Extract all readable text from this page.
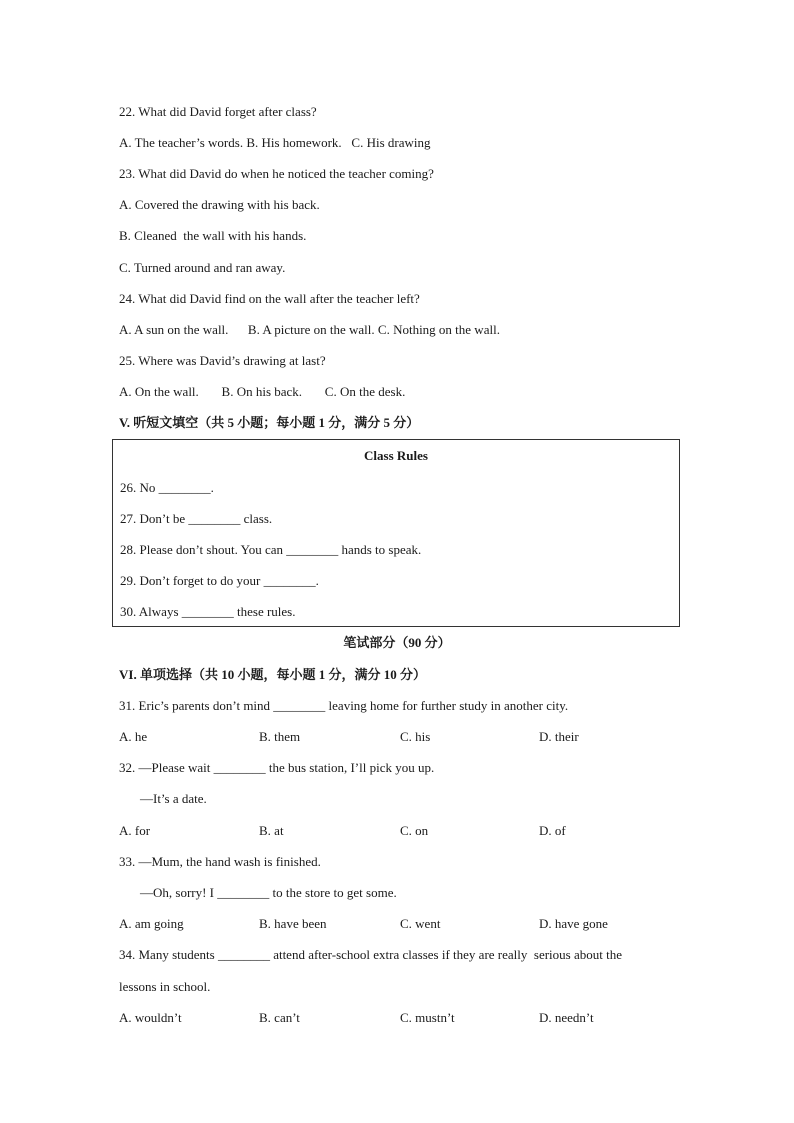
22. What did David forget after class?
A. The teacher’s words. B. His homework.   C. His drawing
23. What did David do when he noticed the teacher coming?
A. Covered the drawing with his back.
B. Cleaned  the wall with his hands.
C. Turned around and ran away.
24. What did David find on the wall after the teacher left?
A. A sun on the wall.      B. A picture on the wall. C. Nothing on the wall.
25. Where was David’s drawing at last?
A. On the wall.       B. On his back.       C. On the desk.
V. 听短文填空（共 5 小题；每小题 1 分，满分 5 分）
Class Rules
26. No ________.
27. Don’t be ________ class.
28. Please don’t shout. You can ________ hands to speak.
29. Don’t forget to do your ________.
30. Always ________ these rules.
笔试部分（90 分）
VI. 单项选择（共 10 小题，每小题 1 分，满分 10 分）
31. Eric’s parents don’t mind ________ leaving home for further study in another city.
A. he	B. them	C. his	D. their
32. —Please wait ________ the bus station, I’ll pick you up.
—It’s a date.
A. for	B. at	C. on	D. of
33. —Mum, the hand wash is finished.
—Oh, sorry! I ________ to the store to get some.
A. am going	B. have been	C. went	D. have gone
34. Many students ________ attend after-school extra classes if they are really  serious about the
lessons in school.
A. wouldn’t	B. can’t	C. mustn’t	D. needn’t
